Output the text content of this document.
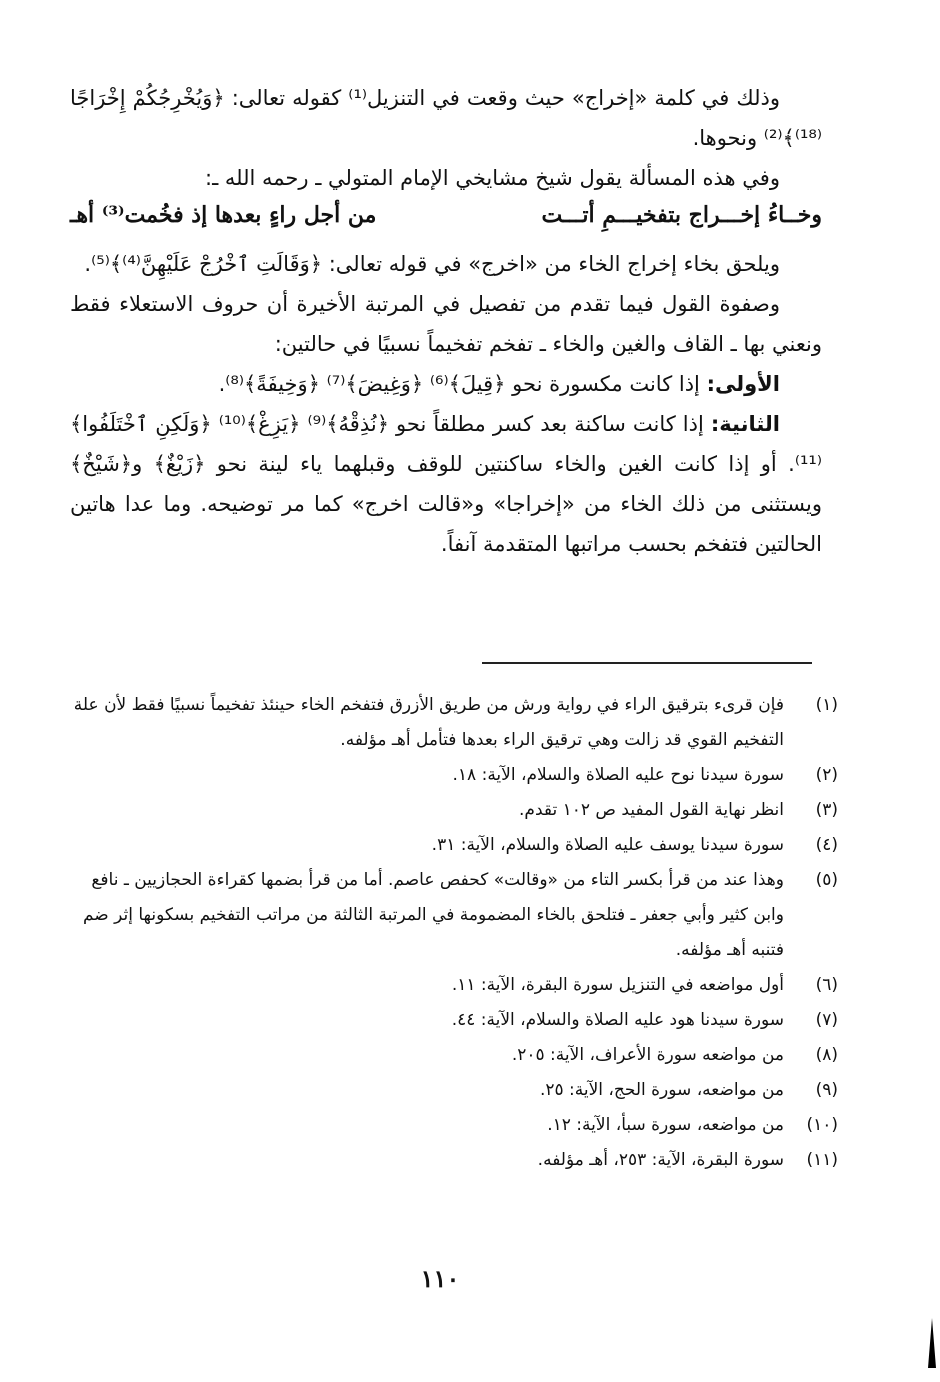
وذلك في كلمة «إخراج» حيث وقعت في التنزيل⁽¹⁾ كقوله تعالى: ﴿وَيُخْرِجُكُمْ إِخْرَاجًا ⁽¹⁸⁾﴾⁽²⁾ ونحوها.
وفي هذه المسألة يقول شيخ مشايخي الإمام المتولي ـ رحمه الله ـ:
وخــاءُ إخـــراج بتفخيـــمِ أتـــت
من أجل راءٍ بعدها إذ فخُمت⁽³⁾ أهـ
ويلحق بخاء إخراج الخاء من «اخرج» في قوله تعالى: ﴿وَقَالَتِ ٱخْرُجْ عَلَيْهِنَّ⁽⁴⁾﴾⁽⁵⁾.
وصفوة القول فيما تقدم من تفصيل في المرتبة الأخيرة أن حروف الاستعلاء فقط ونعني بها ـ القاف والغين والخاء ـ تفخم تفخيماً نسبيًا في حالتين:
الأولى: إذا كانت مكسورة نحو ﴿قِيلَ﴾⁽⁶⁾ ﴿وَغِيضَ﴾⁽⁷⁾ ﴿وَخِيفَةً﴾⁽⁸⁾.
الثانية: إذا كانت ساكنة بعد كسر مطلقاً نحو ﴿نُذِقْهُ﴾⁽⁹⁾ ﴿يَزِغْ﴾⁽¹⁰⁾ ﴿وَلَكِنِ ٱخْتَلَفُوا﴾⁽¹¹⁾. أو إذا كانت الغين والخاء ساكنتين للوقف وقبلهما ياء لينة نحو ﴿زَيْغٌ﴾ و﴿شَيْخٌ﴾ ويستثنى من ذلك الخاء من «إخراجا» و«قالت اخرج» كما مر توضيحه. وما عدا هاتين الحالتين فتفخم بحسب مراتبها المتقدمة آنفاً.
(١)
فإن قرىء بترقيق الراء في رواية ورش من طريق الأزرق فتفخم الخاء حينئذ تفخيماً نسبيًا فقط لأن علة التفخيم القوي قد زالت وهي ترقيق الراء بعدها فتأمل أهـ مؤلفه.
(٢)
سورة سيدنا نوح عليه الصلاة والسلام، الآية: ١٨.
(٣)
انظر نهاية القول المفيد ص ١٠٢ تقدم.
(٤)
سورة سيدنا يوسف عليه الصلاة والسلام، الآية: ٣١.
(٥)
وهذا عند من قرأ بكسر التاء من «وقالت» كحفص عاصم. أما من قرأ بضمها كقراءة الحجازيين ـ نافع وابن كثير وأبي جعفر ـ فتلحق بالخاء المضمومة في المرتبة الثالثة من مراتب التفخيم بسكونها إثر ضم فتنبه أهـ مؤلفه.
(٦)
أول مواضعه في التنزيل سورة البقرة، الآية: ١١.
(٧)
سورة سيدنا هود عليه الصلاة والسلام، الآية: ٤٤.
(٨)
من مواضعه سورة الأعراف، الآية: ٢٠٥.
(٩)
من مواضعه، سورة الحج، الآية: ٢٥.
(١٠)
من مواضعه، سورة سبأ، الآية: ١٢.
(١١)
سورة البقرة، الآية: ٢٥٣، أهـ مؤلفه.
١١٠
